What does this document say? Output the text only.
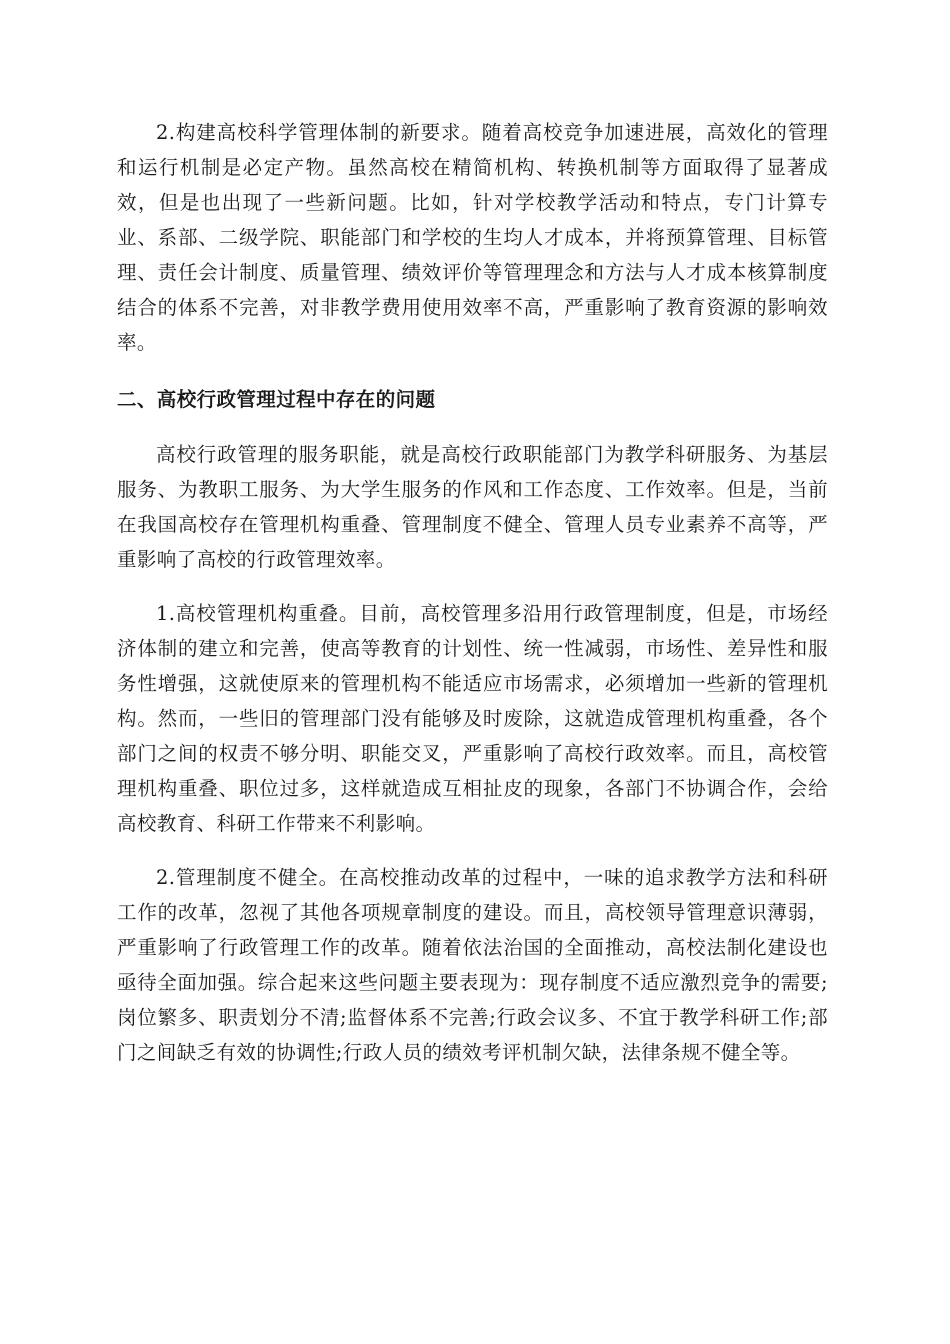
2.构建高校科学管理体制的新要求。随着高校竞争加速进展，高效化的管理和运行机制是必定产物。虽然高校在精简机构、转换机制等方面取得了显著成效，但是也出现了一些新问题。比如，针对学校教学活动和特点，专门计算专业、系部、二级学院、职能部门和学校的生均人才成本，并将预算管理、目标管理、责任会计制度、质量管理、绩效评价等管理理念和方法与人才成本核算制度结合的体系不完善，对非教学费用使用效率不高，严重影响了教育资源的影响效率。

二、高校行政管理过程中存在的问题

高校行政管理的服务职能，就是高校行政职能部门为教学科研服务、为基层服务、为教职工服务、为大学生服务的作风和工作态度、工作效率。但是，当前在我国高校存在管理机构重叠、管理制度不健全、管理人员专业素养不高等，严重影响了高校的行政管理效率。

1.高校管理机构重叠。目前，高校管理多沿用行政管理制度，但是，市场经济体制的建立和完善，使高等教育的计划性、统一性减弱，市场性、差异性和服务性增强，这就使原来的管理机构不能适应市场需求，必须增加一些新的管理机构。然而，一些旧的管理部门没有能够及时废除，这就造成管理机构重叠，各个部门之间的权责不够分明、职能交叉，严重影响了高校行政效率。而且，高校管理机构重叠、职位过多，这样就造成互相扯皮的现象，各部门不协调合作，会给高校教育、科研工作带来不利影响。

2.管理制度不健全。在高校推动改革的过程中，一味的追求教学方法和科研工作的改革，忽视了其他各项规章制度的建设。而且，高校领导管理意识薄弱，严重影响了行政管理工作的改革。随着依法治国的全面推动，高校法制化建设也亟待全面加强。综合起来这些问题主要表现为：现存制度不适应激烈竞争的需要;岗位繁多、职责划分不清;监督体系不完善;行政会议多、不宜于教学科研工作;部门之间缺乏有效的协调性;行政人员的绩效考评机制欠缺，法律条规不健全等。
